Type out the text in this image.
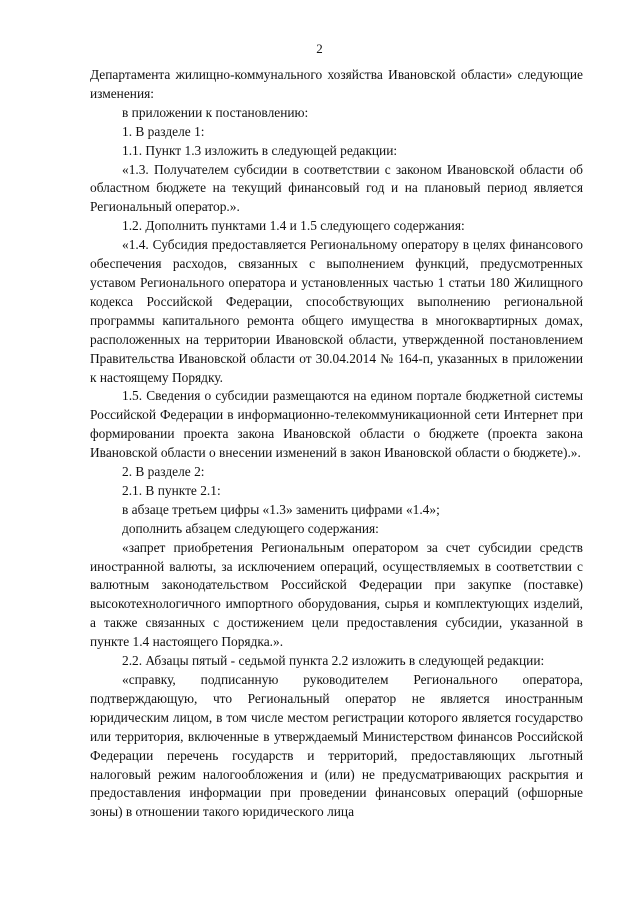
2

Департамента жилищно-коммунального хозяйства Ивановской области» следующие изменения:

в приложении к постановлению:

1. В разделе 1:

1.1. Пункт 1.3 изложить в следующей редакции:

«1.3. Получателем субсидии в соответствии с законом Ивановской области об областном бюджете на текущий финансовый год и на плановый период является Региональный оператор.».

1.2. Дополнить пунктами 1.4 и 1.5 следующего содержания:

«1.4. Субсидия предоставляется Региональному оператору в целях финансового обеспечения расходов, связанных с выполнением функций, предусмотренных уставом Регионального оператора и установленных частью 1 статьи 180 Жилищного кодекса Российской Федерации, способствующих выполнению региональной программы капитального ремонта общего имущества в многоквартирных домах, расположенных на территории Ивановской области, утвержденной постановлением Правительства Ивановской области от 30.04.2014 № 164-п, указанных в приложении к настоящему Порядку.

1.5. Сведения о субсидии размещаются на едином портале бюджетной системы Российской Федерации в информационно-телекоммуникационной сети Интернет при формировании проекта закона Ивановской области о бюджете (проекта закона Ивановской области о внесении изменений в закон Ивановской области о бюджете).».

2. В разделе 2:

2.1. В пункте 2.1:

в абзаце третьем цифры «1.3» заменить цифрами «1.4»;

дополнить абзацем следующего содержания:

«запрет приобретения Региональным оператором за счет субсидии средств иностранной валюты, за исключением операций, осуществляемых в соответствии с валютным законодательством Российской Федерации при закупке (поставке) высокотехнологичного импортного оборудования, сырья и комплектующих изделий, а также связанных с достижением цели предоставления субсидии, указанной в пункте 1.4 настоящего Порядка.».

2.2. Абзацы пятый - седьмой пункта 2.2 изложить в следующей редакции:

«справку, подписанную руководителем Регионального оператора, подтверждающую, что Региональный оператор не является иностранным юридическим лицом, в том числе местом регистрации которого является государство или территория, включенные в утверждаемый Министерством финансов Российской Федерации перечень государств и территорий, предоставляющих льготный налоговый режим налогообложения и (или) не предусматривающих раскрытия и предоставления информации при проведении финансовых операций (офшорные зоны) в отношении такого юридического лица
